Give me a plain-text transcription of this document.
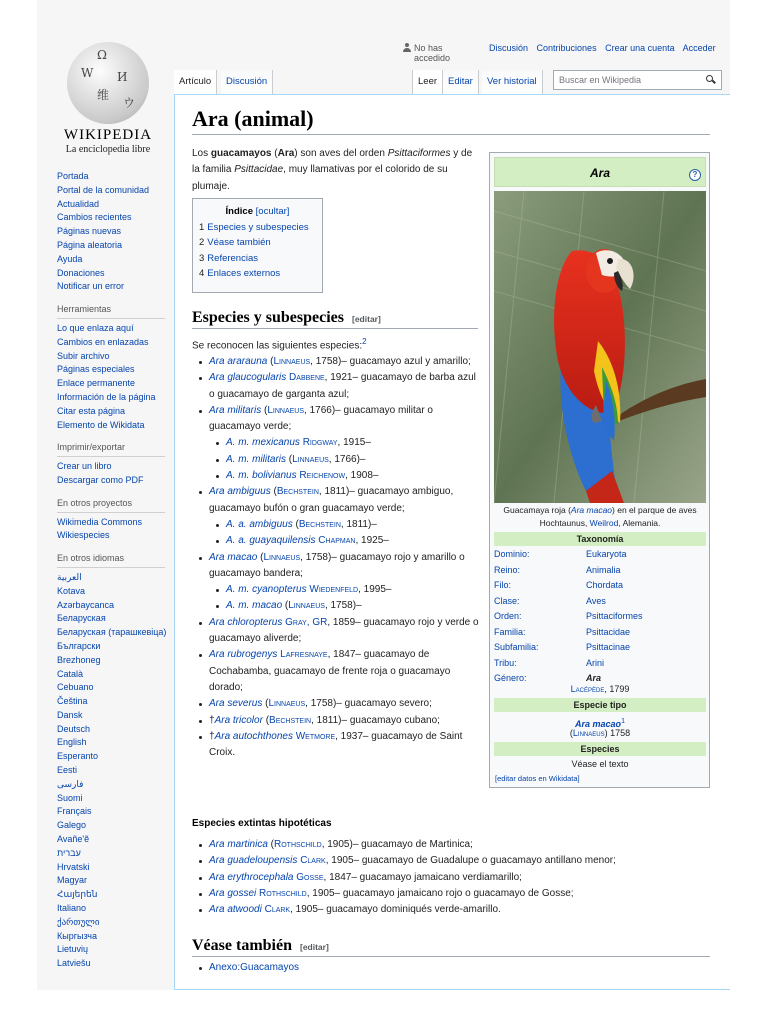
Ω
W И
维
ウ
WIKIPEDIA
La enciclopedia libre
Portada
Portal de la comunidad
Actualidad
Cambios recientes
Páginas nuevas
Página aleatoria
Ayuda
Donaciones
Notificar un error
Herramientas
Lo que enlaza aquí
Cambios en enlazadas
Subir archivo
Páginas especiales
Enlace permanente
Información de la página
Citar esta página
Elemento de Wikidata
Imprimir/exportar
Crear un libro
Descargar como PDF
En otros proyectos
Wikimedia Commons
Wikiespecies
En otros idiomas
العربية
Kotava
Azərbaycanca
Беларуская
Беларуская (тарашкевіца)
Български
Brezhoneg
Català
Cebuano
Čeština
Dansk
Deutsch
English
Esperanto
Eesti
فارسی
Suomi
Français
Galego
Avañe'ẽ
עברית
Hrvatski
Magyar
Հայերեն
Italiano
ქართული
Кыргызча
Lietuvių
Latviešu
No has accedido
Discusión Contribuciones Crear una cuenta Acceder
Artículo	Discusión	Leer	Editar	Ver historial	Buscar en Wikipedia
Ara (animal)

Los guacamayos (Ara) son aves del orden Psittaciformes y de la familia Psittacidae, muy llamativas por el colorido de su plumaje.

Índice [ocultar]
1 Especies y subespecies
2 Véase también
3 Referencias
4 Enlaces externos
Especies y subespecies [editar]
Se reconocen las siguientes especies:$^2$
Ara ararauna (Linnaeus, 1758)– guacamayo azul y amarillo;
Ara glaucogularis Dabbene, 1921– guacamayo de barba azul o guacamayo de garganta azul;
Ara militaris (Linnaeus, 1766)– guacamayo militar o guacamayo verde;
A. m. mexicanus Ridgway, 1915–
A. m. militaris (Linnaeus, 1766)–
A. m. bolivianus Reichenow, 1908–
Ara ambiguus (Bechstein, 1811)– guacamayo ambiguo, guacamayo bufón o gran guacamayo verde;
A. a. ambiguus (Bechstein, 1811)–
A. a. guayaquilensis Chapman, 1925–
Ara macao (Linnaeus, 1758)– guacamayo rojo y amarillo o guacamayo bandera;
A. m. cyanopterus Wiedenfeld, 1995–
A. m. macao (Linnaeus, 1758)–
Ara chloropterus Gray, GR, 1859– guacamayo rojo y verde o guacamayo aliverde;
Ara rubrogenys Lafresnaye, 1847– guacamayo de Cochabamba, guacamayo de frente roja o guacamayo dorado;
Ara severus (Linnaeus, 1758)– guacamayo severo;
†Ara tricolor (Bechstein, 1811)– guacamayo cubano;
†Ara autochthones Wetmore, 1937– guacamayo de Saint Croix.
Especies extintas hipotéticas
Ara martinica (Rothschild, 1905)– guacamayo de Martinica;
Ara guadeloupensis Clark, 1905– guacamayo de Guadalupe o guacamayo antillano menor;
Ara erythrocephala Gosse, 1847– guacamayo jamaicano verdiamarillo;
Ara gossei Rothschild, 1905– guacamayo jamaicano rojo o guacamayo de Gosse;
Ara atwoodi Clark, 1905– guacamayo dominiqués verde-amarillo.
Véase también [editar]
Anexo:Guacamayos
Ara	?
Guacamaya roja (Ara macao) en el parque de aves Hochtaunus, Weilrod, Alemania.
Taxonomía
Dominio:	Eukaryota
Reino:	Animalia
Filo:	Chordata
Clase:	Aves
Orden:	Psittaciformes
Familia:	Psittacidae
Subfamilia:	Psittacinae
Tribu:	Arini
Género:	Ara
Lacépède, 1799
Especie tipo
Ara macao$^1$
(Linnaeus) 1758
Especies
Véase el texto
[editar datos en Wikidata]
